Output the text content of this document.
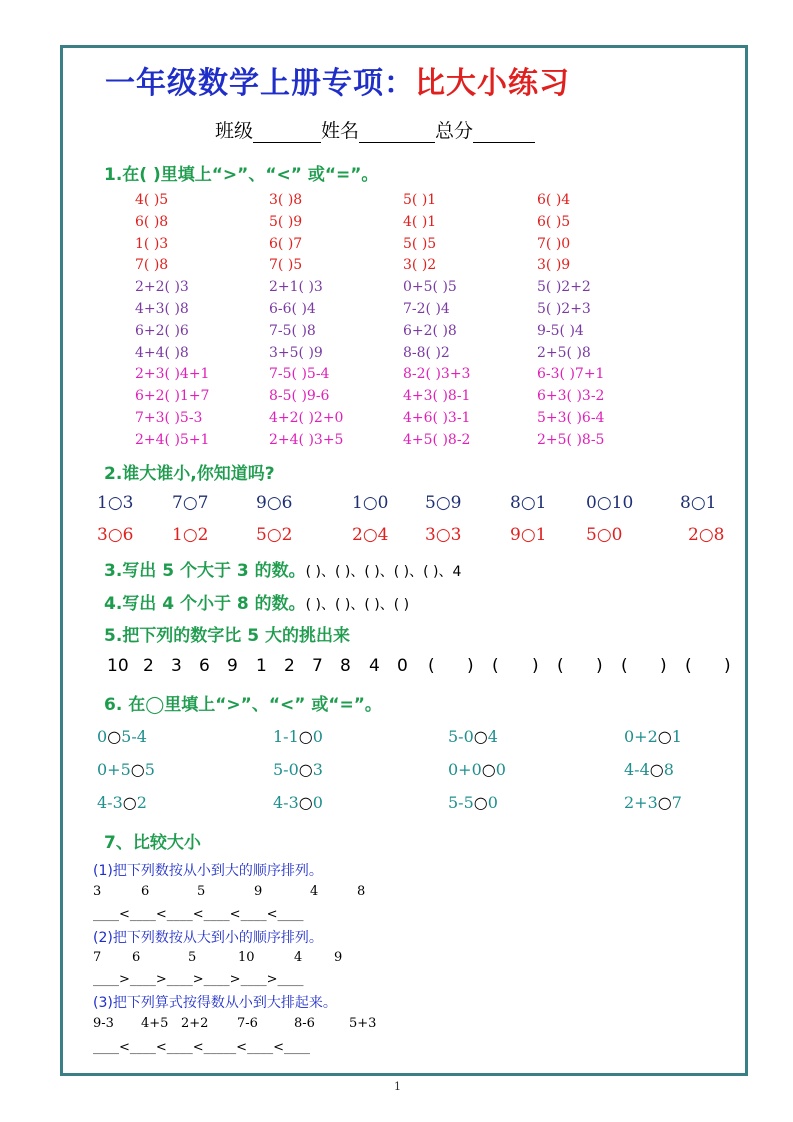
一年级数学上册专项：比大小练习
班级	姓名	总分
1.在( )里填上“>”、“<” 或“=”。
4( )5	3( )8	5( )1	6( )4
6( )8	5( )9	4( )1	6( )5
1( )3	6( )7	5( )5	7( )0
7( )8	7( )5	3( )2	3( )9
2+2( )3	2+1( )3	0+5( )5	5( )2+2
4+3( )8	6-6( )4	7-2( )4	5( )2+3
6+2( )6	7-5( )8	6+2( )8	9-5( )4
4+4( )8	3+5( )9	8-8( )2	2+5( )8
2+3( )4+1	7-5( )5-4	8-2( )3+3	6-3( )7+1
6+2( )1+7	8-5( )9-6	4+3( )8-1	6+3( )3-2
7+3( )5-3	4+2( )2+0	4+6( )3-1	5+3( )6-4
2+4( )5+1	2+4( )3+5	4+5( )8-2	2+5( )8-5
2.谁大谁小,你知道吗?
1○3 7○7	9○6	1○0 5○9	8○1 0○10	8○1
3○6 1○2	5○2	2○4 3○3	9○1 5○0	2○8
3.写出 5 个大于 3 的数。( )、( )、( )、( )、( )、4
4.写出 4 个小于 8 的数。( )、( )、( )、( )
5.把下列的数字比 5 大的挑出来
10 2 3 6 9 1 2 7 8 4 0 ( ) ( ) ( ) ( ) ( )
6. 在◯里填上“>”、“<” 或“=”。
0○5-4	1-1○0	5-0○4	0+2○1
0+5○5	5-0○3	0+0○0	4-4○8
4-3○2	4-3○0	5-5○0	2+3○7
7、比较大小
(1)把下列数按从小到大的顺序排列。
3	6	5	9	4	8
____<____<____<____<____<____
(2)把下列数按从大到小的顺序排列。
7 6	5	10	4 9
____>____>____>____>____>____
(3)把下列算式按得数从小到大排起来。
9-3 4+5 2+2 7-6	8-6	5+3
____<____<____<_____<____<____
1
